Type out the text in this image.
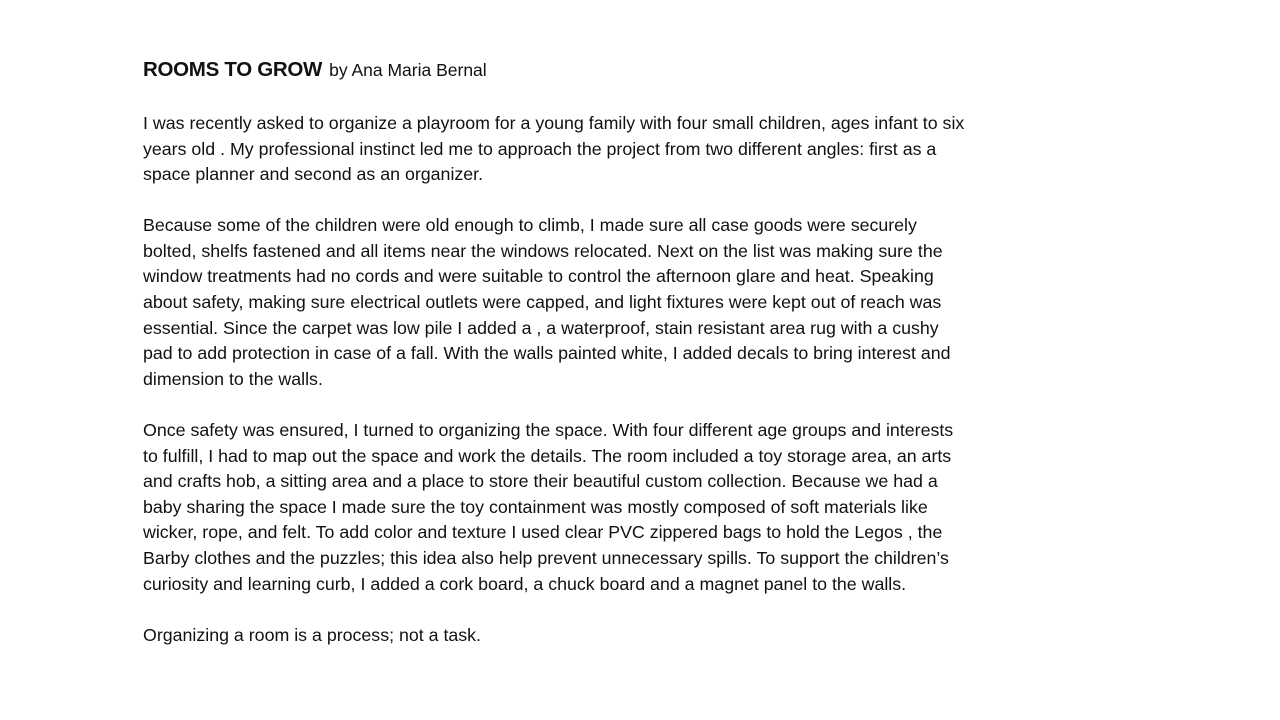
ROOMS TO GROW by Ana Maria Bernal

I was recently asked to organize a playroom for a young family with four small children, ages infant to six
years old . My professional instinct led me to approach the project from two different angles: first as a
space planner and second as an organizer.

Because some of the children were old enough to climb, I made sure all case goods were securely
bolted, shelfs fastened and all items near the windows relocated. Next on the list was making sure the
window treatments had no cords and were suitable to control the afternoon glare and heat. Speaking
about safety, making sure electrical outlets were capped, and light fixtures were kept out of reach was
essential. Since the carpet was low pile I added a , a waterproof, stain resistant area rug with a cushy
pad to add protection in case of a fall. With the walls painted white, I added decals to bring interest and
dimension to the walls.

Once safety was ensured, I turned to organizing the space. With four different age groups and interests
to fulfill, I had to map out the space and work the details. The room included a toy storage area, an arts
and crafts hob, a sitting area and a place to store their beautiful custom collection. Because we had a
baby sharing the space I made sure the toy containment was mostly composed of soft materials like
wicker, rope, and felt. To add color and texture I used clear PVC zippered bags to hold the Legos , the
Barby clothes and the puzzles; this idea also help prevent unnecessary spills. To support the children’s
curiosity and learning curb, I added a cork board, a chuck board and a magnet panel to the walls.

Organizing a room is a process; not a task.
